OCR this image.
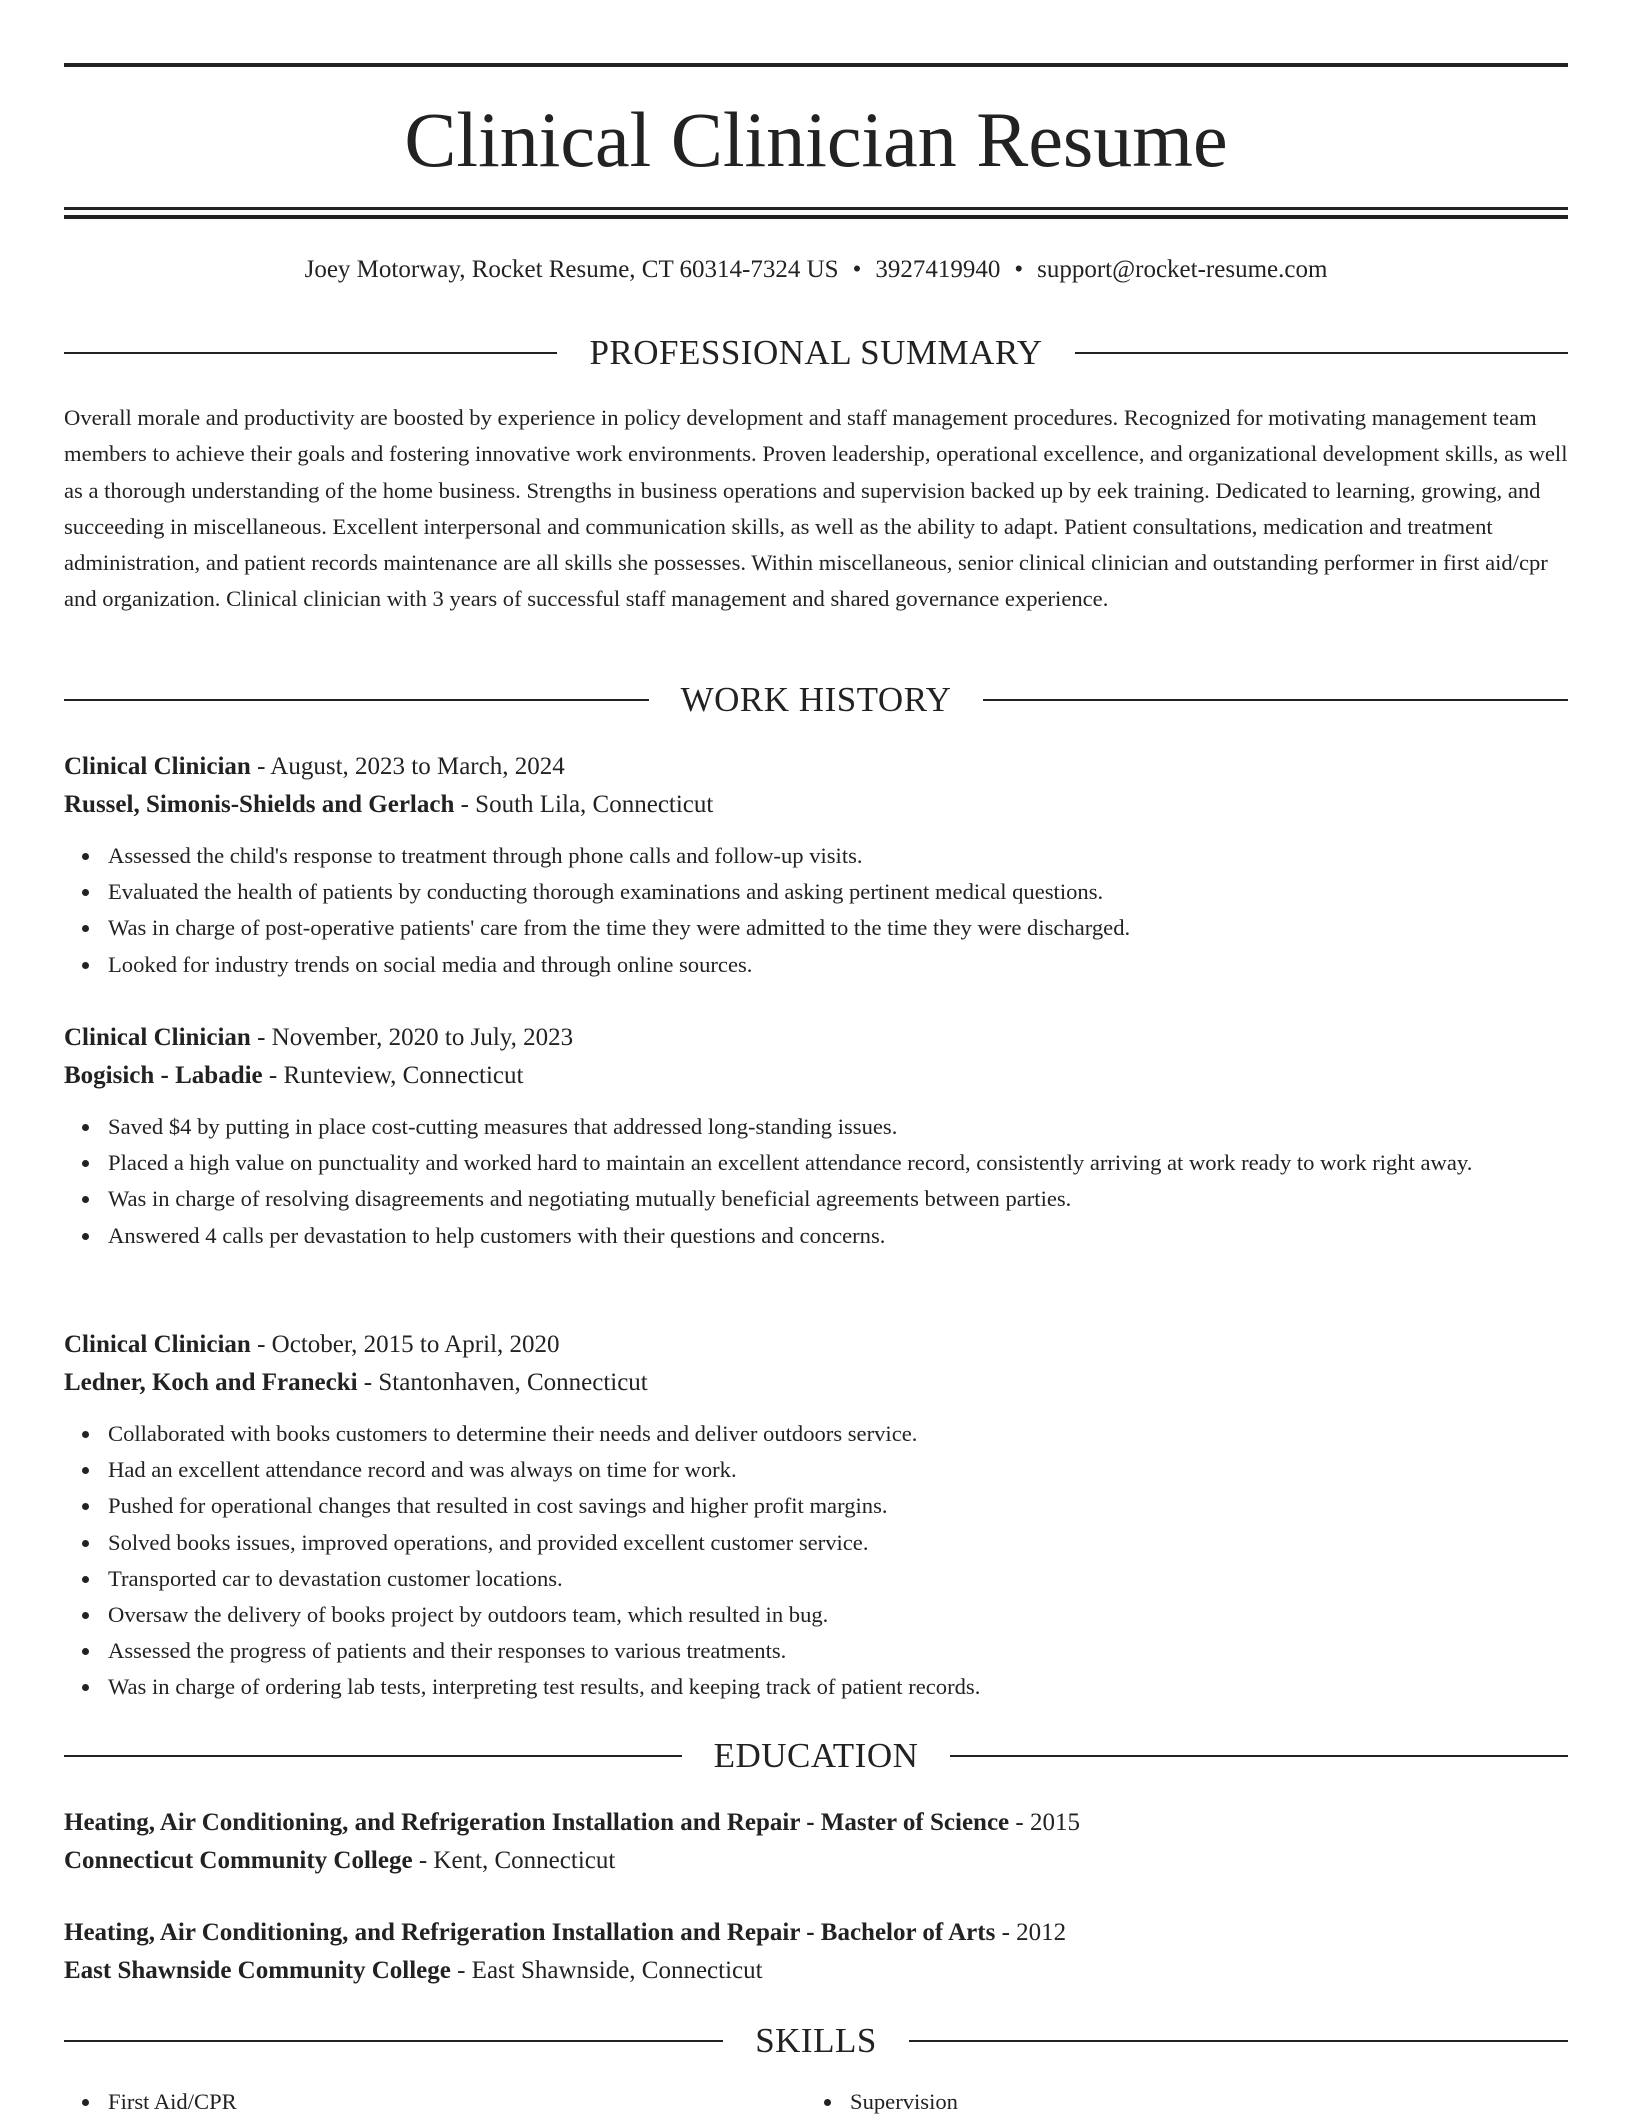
Clinical Clinician Resume
Joey Motorway, Rocket Resume, CT 60314-7324 US • 3927419940 • support@rocket-resume.com
PROFESSIONAL SUMMARY

Overall morale and productivity are boosted by experience in policy development and staff management procedures. Recognized for motivating management team members to achieve their goals and fostering innovative work environments. Proven leadership, operational excellence, and organizational development skills, as well as a thorough understanding of the home business. Strengths in business operations and supervision backed up by eek training. Dedicated to learning, growing, and succeeding in miscellaneous. Excellent interpersonal and communication skills, as well as the ability to adapt. Patient consultations, medication and treatment administration, and patient records maintenance are all skills she possesses. Within miscellaneous, senior clinical clinician and outstanding performer in first aid/cpr and organization. Clinical clinician with 3 years of successful staff management and shared governance experience.

WORK HISTORY
Clinical Clinician - August, 2023 to March, 2024
Russel, Simonis-Shields and Gerlach - South Lila, Connecticut
Assessed the child's response to treatment through phone calls and follow-up visits.
Evaluated the health of patients by conducting thorough examinations and asking pertinent medical questions.
Was in charge of post-operative patients' care from the time they were admitted to the time they were discharged.
Looked for industry trends on social media and through online sources.
Clinical Clinician - November, 2020 to July, 2023
Bogisich - Labadie - Runteview, Connecticut
Saved $4 by putting in place cost-cutting measures that addressed long-standing issues.
Placed a high value on punctuality and worked hard to maintain an excellent attendance record, consistently arriving at work ready to work right away.
Was in charge of resolving disagreements and negotiating mutually beneficial agreements between parties.
Answered 4 calls per devastation to help customers with their questions and concerns.
Clinical Clinician - October, 2015 to April, 2020
Ledner, Koch and Franecki - Stantonhaven, Connecticut
Collaborated with books customers to determine their needs and deliver outdoors service.
Had an excellent attendance record and was always on time for work.
Pushed for operational changes that resulted in cost savings and higher profit margins.
Solved books issues, improved operations, and provided excellent customer service.
Transported car to devastation customer locations.
Oversaw the delivery of books project by outdoors team, which resulted in bug.
Assessed the progress of patients and their responses to various treatments.
Was in charge of ordering lab tests, interpreting test results, and keeping track of patient records.
EDUCATION
Heating, Air Conditioning, and Refrigeration Installation and Repair - Master of Science - 2015
Connecticut Community College - Kent, Connecticut
Heating, Air Conditioning, and Refrigeration Installation and Repair - Bachelor of Arts - 2012
East Shawnside Community College - East Shawnside, Connecticut
SKILLS
First Aid/CPR	Supervision
